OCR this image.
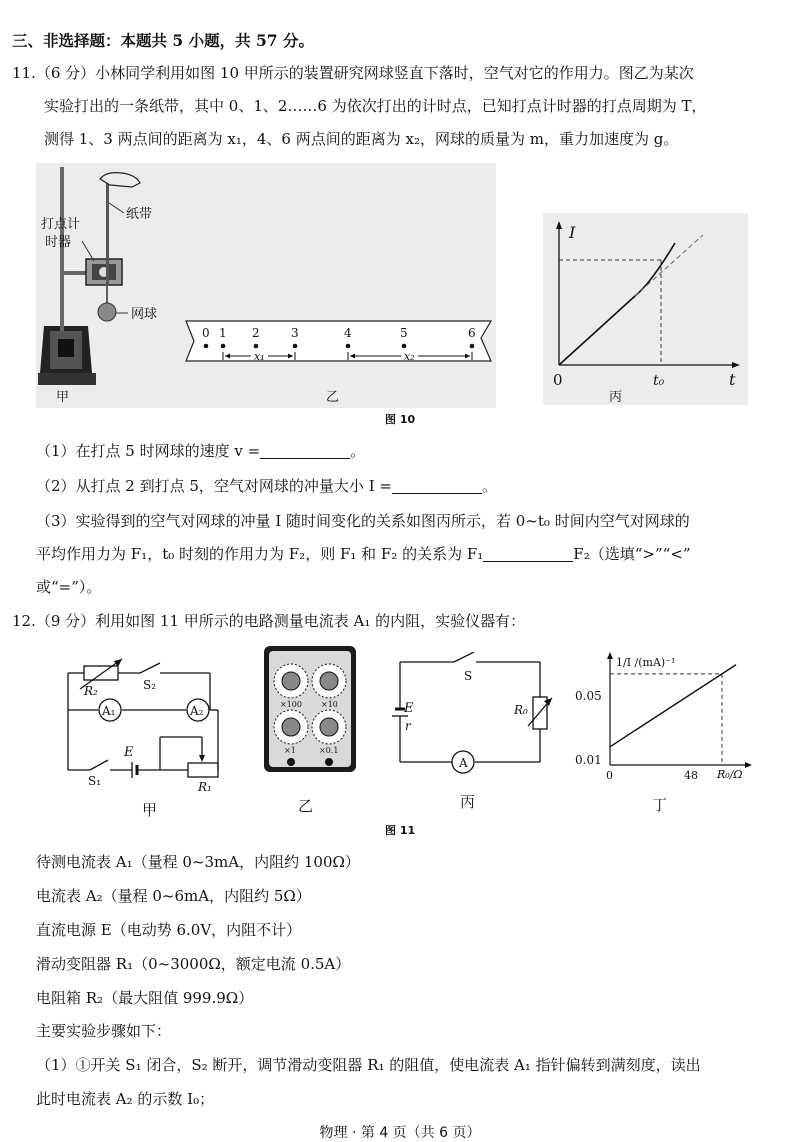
三、非选择题：本题共 5 小题，共 57 分。
11.（6 分）小林同学利用如图 10 甲所示的装置研究网球竖直下落时，空气对它的作用力。图乙为某次
实验打出的一条纸带，其中 0、1、2……6 为依次打出的计时点，已知打点计时器的打点周期为 T，
测得 1、3 两点间的距离为 x₁，4、6 两点间的距离为 x₂，网球的质量为 m，重力加速度为 g。
打点计
时器
纸带
网球
甲
0 1 2	3	4	5	6
x₁	x₂
乙
I
t
0	t₀
丙
图 10
（1）在打点 5 时网球的速度 v =	。
（2）从打点 2 到打点 5，空气对网球的冲量大小 I =	。
（3）实验得到的空气对网球的冲量 I 随时间变化的关系如图丙所示，若 0~t₀ 时间内空气对网球的
平均作用力为 F₁，t₀ 时刻的作用力为 F₂，则 F₁ 和 F₂ 的关系为 F₁	F₂（选填“>”“<”
或“=”）。
12.（9 分）利用如图 11 甲所示的电路测量电流表 A₁ 的内阻，实验仪器有：
R₂	S₂
A₁	A₂
E
S₁	R₁
甲
×100 ×10
×1	×0.1
乙
S
E
r
R₀
A
丙
1/I /(mA)⁻¹
R₀/Ω
0
0.05
0.01
48
丁
图 11
待测电流表 A₁（量程 0~3mA，内阻约 100Ω）
电流表 A₂（量程 0~6mA，内阻约 5Ω）
直流电源 E（电动势 6.0V，内阻不计）
滑动变阻器 R₁（0~3000Ω，额定电流 0.5A）
电阻箱 R₂（最大阻值 999.9Ω）
主要实验步骤如下：
（1）①开关 S₁ 闭合，S₂ 断开，调节滑动变阻器 R₁ 的阻值，使电流表 A₁ 指针偏转到满刻度，读出
此时电流表 A₂ 的示数 I₀；
物理 · 第 4 页（共 6 页）
